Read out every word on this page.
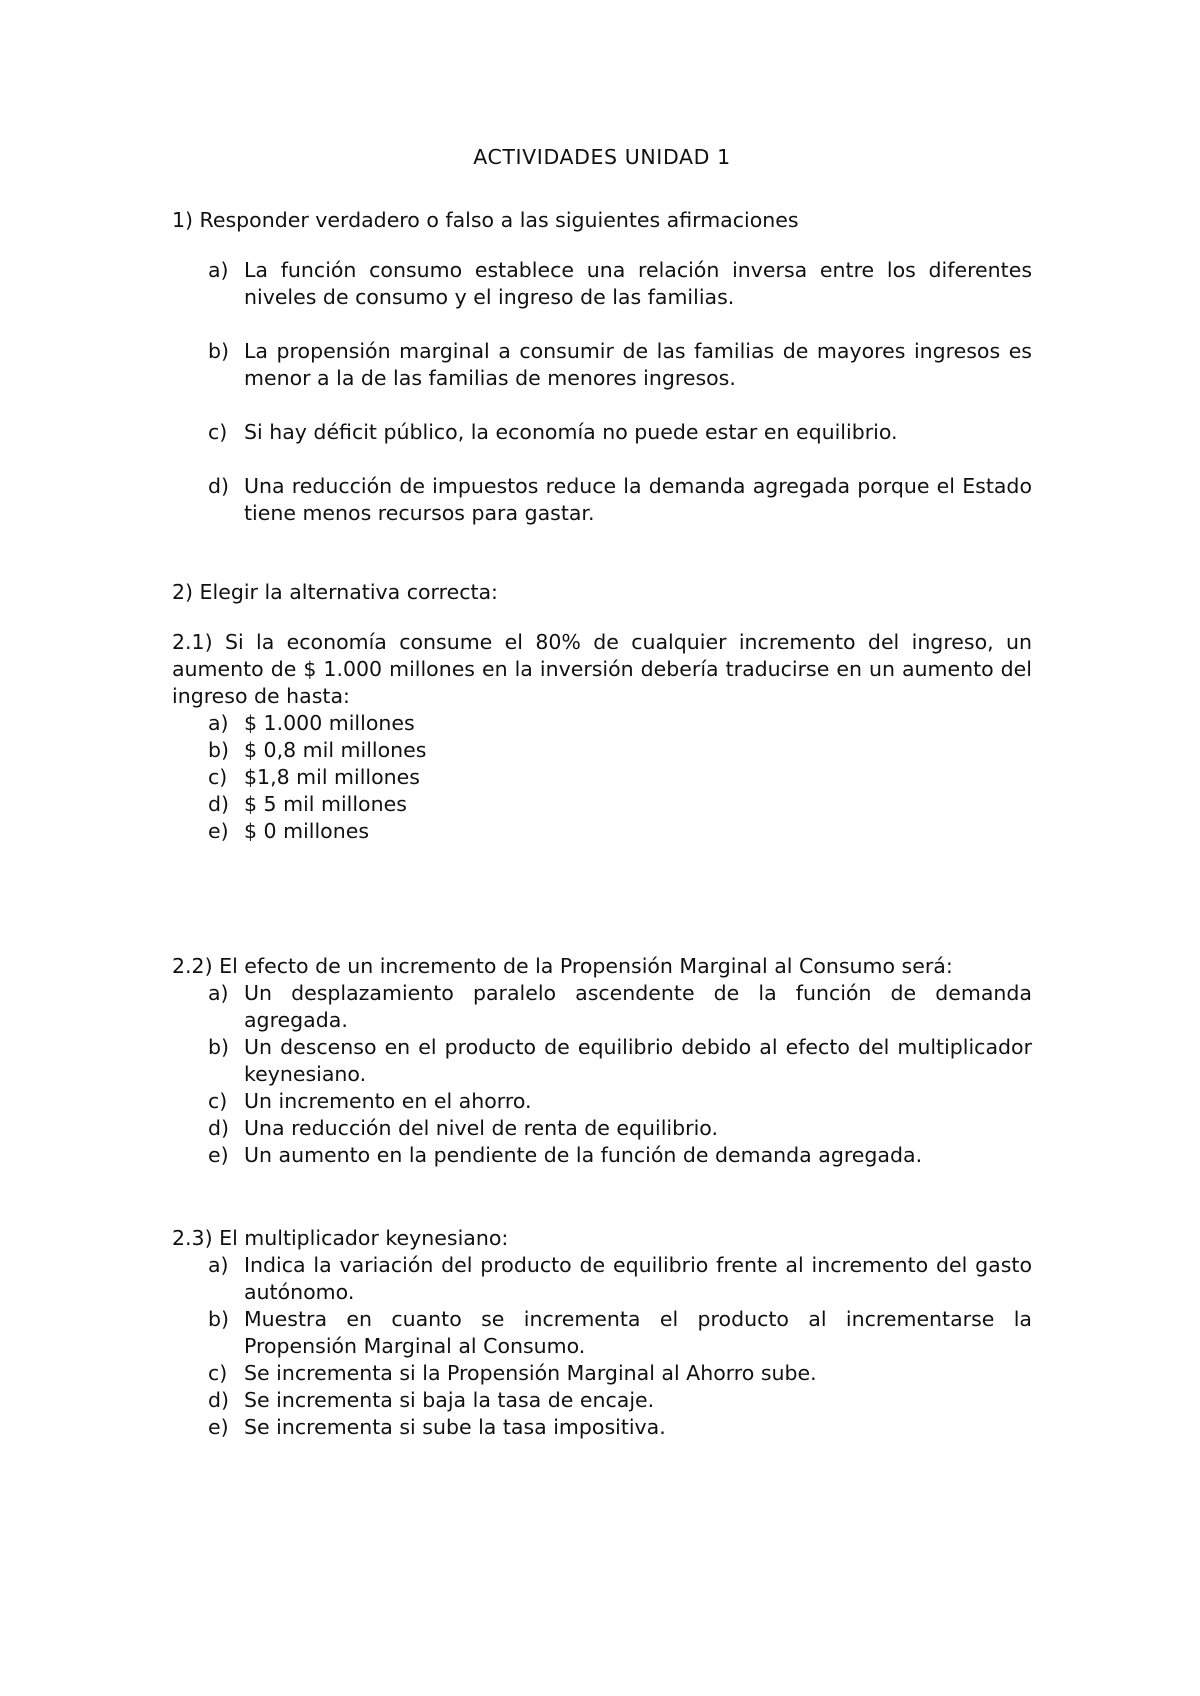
ACTIVIDADES UNIDAD 1

1) Responder verdadero o falso a las siguientes afirmaciones

a) La función consumo establece una relación inversa entre los diferentes niveles de consumo y el ingreso de las familias.
b) La propensión marginal a consumir de las familias de mayores ingresos es menor a la de las familias de menores ingresos.
c) Si hay déficit público, la economía no puede estar en equilibrio.
d) Una reducción de impuestos reduce la demanda agregada porque el Estado tiene menos recursos para gastar.

2) Elegir la alternativa correcta:

2.1) Si la economía consume el 80% de cualquier incremento del ingreso, un aumento de $ 1.000 millones en la inversión debería traducirse en un aumento del ingreso de hasta:

a) $ 1.000 millones
b) $ 0,8 mil millones
c) $1,8 mil millones
d) $ 5 mil millones
e) $ 0 millones

2.2) El efecto de un incremento de la Propensión Marginal al Consumo será:

a) Un desplazamiento paralelo ascendente de la función de demanda agregada.
b) Un descenso en el producto de equilibrio debido al efecto del multiplicador keynesiano.
c) Un incremento en el ahorro.
d) Una reducción del nivel de renta de equilibrio.
e) Un aumento en la pendiente de la función de demanda agregada.

2.3) El multiplicador keynesiano:

a) Indica la variación del producto de equilibrio frente al incremento del gasto autónomo.
b) Muestra en cuanto se incrementa el producto al incrementarse la Propensión Marginal al Consumo.
c) Se incrementa si la Propensión Marginal al Ahorro sube.
d) Se incrementa si baja la tasa de encaje.
e) Se incrementa si sube la tasa impositiva.
